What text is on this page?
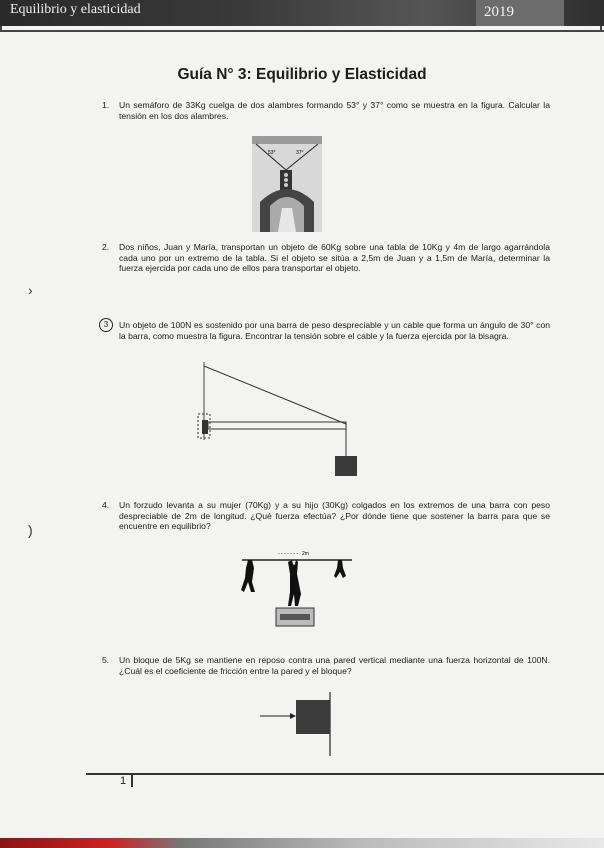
Equilibrio y elasticidad	2019
Guía N° 3: Equilibrio y Elasticidad
1. Un semáforo de 33Kg cuelga de dos alambres formando 53° y 37° como se muestra en la figura. Calcular la tensión en los dos alambres.
53°	37°
2. Dos niños, Juan y María, transportan un objeto de 60Kg sobre una tabla de 10Kg y 4m de largo agarrándola cada uno por un extremo de la tabla. Si el objeto se sitúa a 2,5m de Juan y a 1,5m de María, determinar la fuerza ejercida por cada uno de ellos para transportar el objeto.
›
3	Un objeto de 100N es sostenido por una barra de peso despreciable y un cable que forma un ángulo de 30° con la barra, como muestra la figura. Encontrar la tensión sobre el cable y la fuerza ejercida por la bisagra.
4. Un forzudo levanta a su mujer (70Kg) y a su hijo (30Kg) colgados en los extremos de una barra con peso despreciable de 2m de longitud. ¿Qué fuerza efectúa? ¿Por dónde tiene que sostener la barra para que se encuentre en equilibrio?
)
- - - - - - - 2m
5. Un bloque de 5Kg se mantiene en reposo contra una pared vertical mediante una fuerza horizontal de 100N. ¿Cuál es el coeficiente de fricción entre la pared y el bloque?
1
